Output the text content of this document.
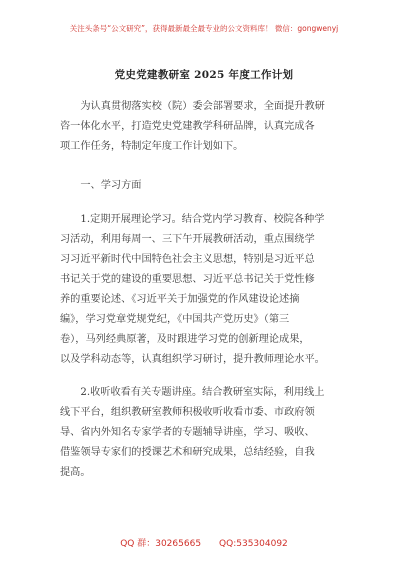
关注头条号“公文研究”，获得最新最全最专业的公文资料库！ 微信：gongwenyj
党史党建教研室 2025 年度工作计划
　　为认真贯彻落实校（院）委会部署要求，全面提升教研
咨一体化水平，打造党史党建教学科研品牌，认真完成各
项工作任务，特制定年度工作计划如下。
　　一、学习方面
　　1.定期开展理论学习。结合党内学习教育、校院各种学
习活动，利用每周一、三下午开展教研活动，重点围绕学
习习近平新时代中国特色社会主义思想，特别是习近平总
书记关于党的建设的重要思想、习近平总书记关于党性修
养的重要论述、《习近平关于加强党的作风建设论述摘
编》，学习党章党规党纪，《中国共产党历史》（第三
卷），马列经典原著，及时跟进学习党的创新理论成果，
以及学科动态等，认真组织学习研讨，提升教师理论水平。
　　2.收听收看有关专题讲座。结合教研室实际，利用线上
线下平台，组织教研室教师积极收听收看市委、市政府领
导、省内外知名专家学者的专题辅导讲座，学习、吸收、
借鉴领导专家们的授课艺术和研究成果，总结经验，自我
提高。
QQ 群：30265665 QQ:535304092
